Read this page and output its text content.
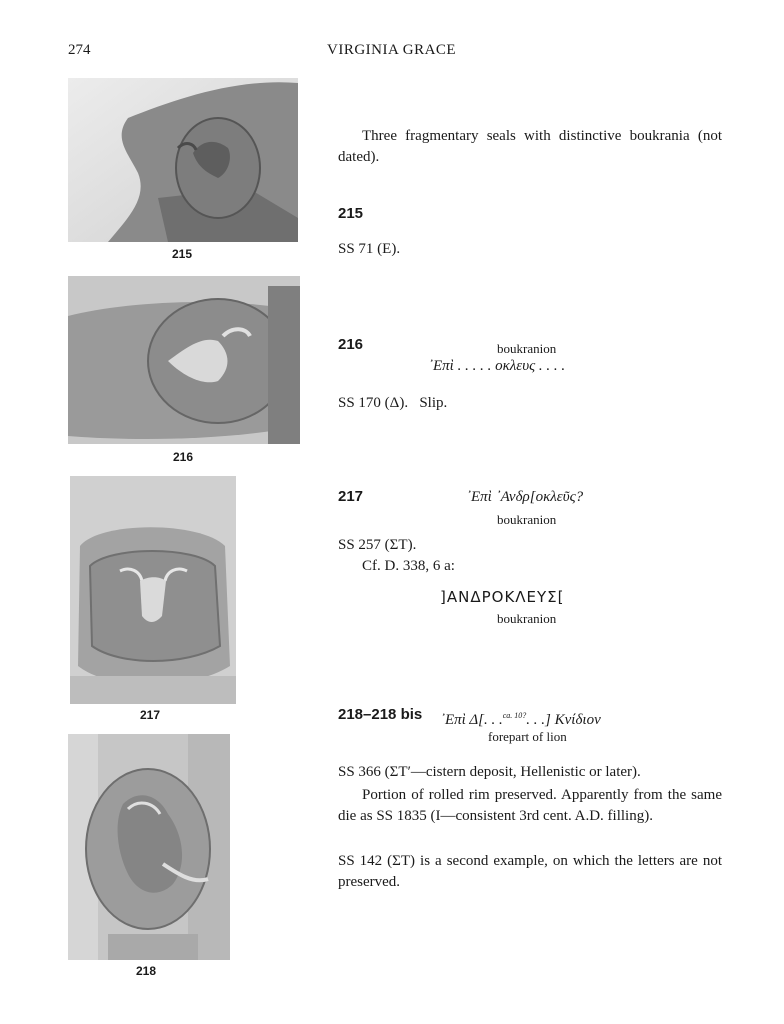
274	VIRGINIA GRACE
215
216
217
218
Three fragmentary seals with distinctive boukrania (not dated).
215
SS 71 (E).
216	boukranion
᾽Επὶ . . . . . οκλευς . . . .
SS 170 (Δ).   Slip.
217	᾽Επὶ ᾽Ανδρ[οκλεῦς?
boukranion
SS 257 (ΣΤ).
Cf. D. 338, 6 a:
]ΑΝΔΡΟΚΛΕΥΣ[
boukranion
218–218 bis ᾽Επὶ Δ[. . .$^{ca. 10?}$. . .] Κνίδιον
forepart of lion
SS 366 (ΣΤ′—cistern deposit, Hellenistic or later).
Portion of rolled rim preserved. Apparently from the same die as SS 1835 (Ι—consistent 3rd cent. A.D. filling).
SS 142 (ΣΤ) is a second example, on which the letters are not preserved.
